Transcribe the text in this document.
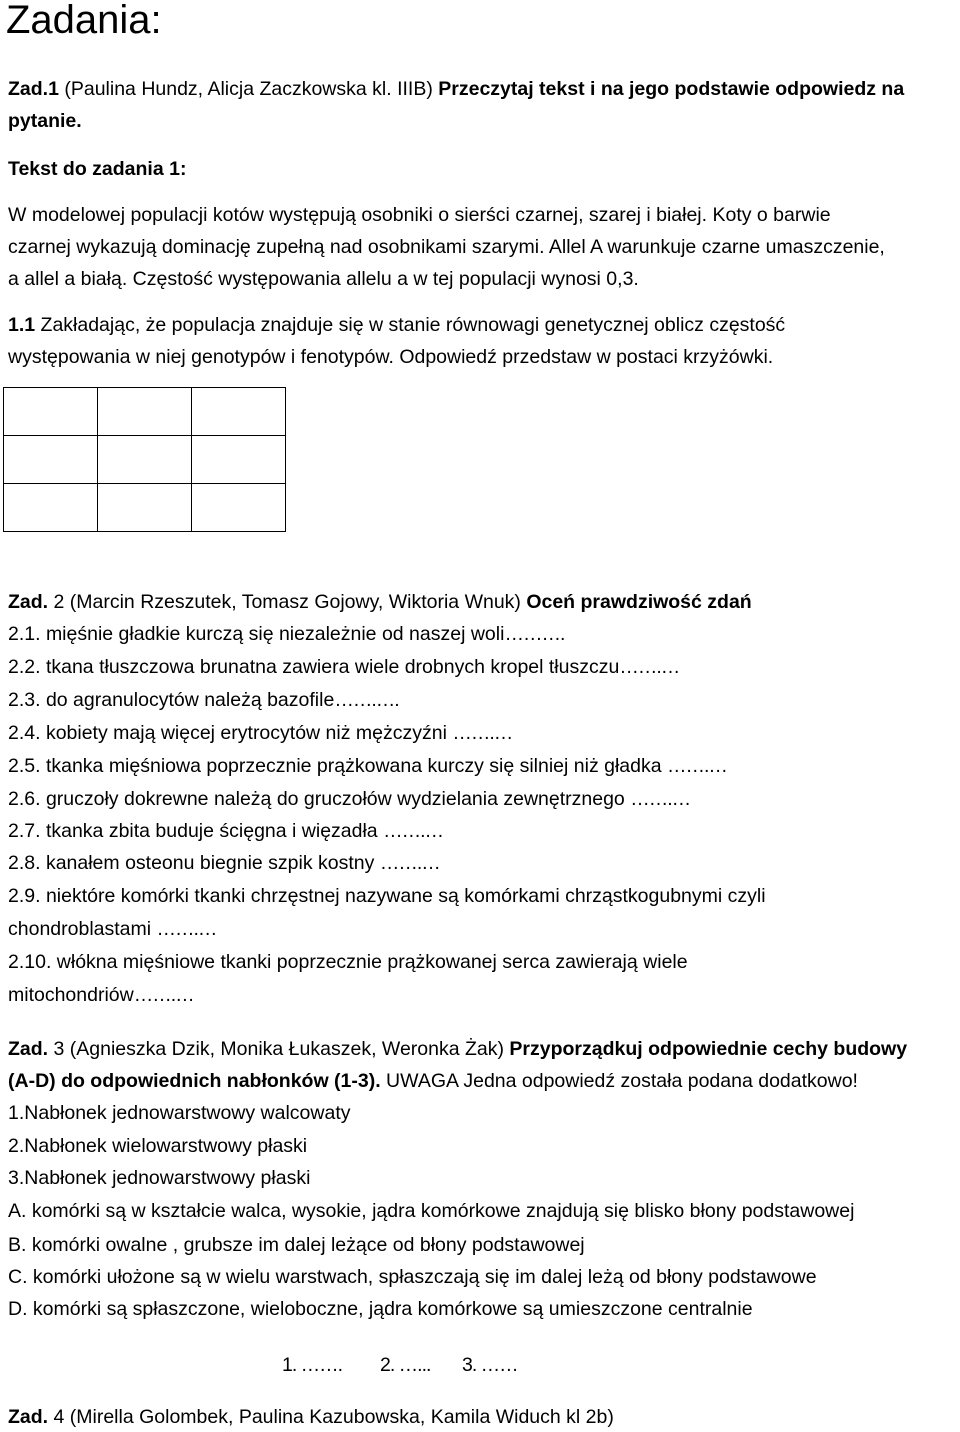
Zadania:
Zad.1 (Paulina Hundz, Alicja Zaczkowska kl. IIIB) Przeczytaj tekst i na jego podstawie odpowiedz na
pytanie.
Tekst do zadania 1:
W modelowej populacji kotów występują osobniki o sierści czarnej, szarej i białej. Koty o barwie
czarnej wykazują dominację zupełną nad osobnikami szarymi. Allel A warunkuje czarne umaszczenie,
a allel a białą. Częstość występowania allelu a w tej populacji wynosi 0,3.
1.1 Zakładając, że populacja znajduje się w stanie równowagi genetycznej oblicz częstość
występowania w niej genotypów i fenotypów. Odpowiedź przedstaw w postaci krzyżówki.

Zad. 2 (Marcin Rzeszutek, Tomasz Gojowy, Wiktoria Wnuk) Oceń prawdziwość zdań
2.1. mięśnie gładkie kurczą się niezależnie od naszej woli……….
2.2. tkana tłuszczowa brunatna zawiera wiele drobnych kropel tłuszczu…….…
2.3. do agranulocytów należą bazofile…….….
2.4. kobiety mają więcej erytrocytów niż mężczyźni …….…
2.5. tkanka mięśniowa poprzecznie prążkowana kurczy się silniej niż gładka …….…
2.6. gruczoły dokrewne należą do gruczołów wydzielania zewnętrznego …….…
2.7. tkanka zbita buduje ścięgna i więzadła …….…
2.8. kanałem osteonu biegnie szpik kostny …….…
2.9. niektóre komórki tkanki chrzęstnej nazywane są komórkami chrząstkogubnymi czyli
chondroblastami …….…
2.10. włókna mięśniowe tkanki poprzecznie prążkowanej serca zawierają wiele
mitochondriów…….…
Zad. 3 (Agnieszka Dzik, Monika Łukaszek, Weronka Żak) Przyporządkuj odpowiednie cechy budowy
(A-D) do odpowiednich nabłonków (1-3). UWAGA Jedna odpowiedź została podana dodatkowo!
1.Nabłonek jednowarstwowy walcowaty
2.Nabłonek wielowarstwowy płaski
3.Nabłonek jednowarstwowy płaski
A. komórki są w kształcie walca, wysokie, jądra komórkowe znajdują się blisko błony podstawowej
B. komórki owalne , grubsze im dalej leżące od błony podstawowej
C. komórki ułożone są w wielu warstwach, spłaszczają się im dalej leżą od błony podstawowe
D. komórki są spłaszczone, wieloboczne, jądra komórkowe są umieszczone centralnie
1. ……. 2. …... 3. ……
Zad. 4 (Mirella Golombek, Paulina Kazubowska, Kamila Widuch kl 2b)
